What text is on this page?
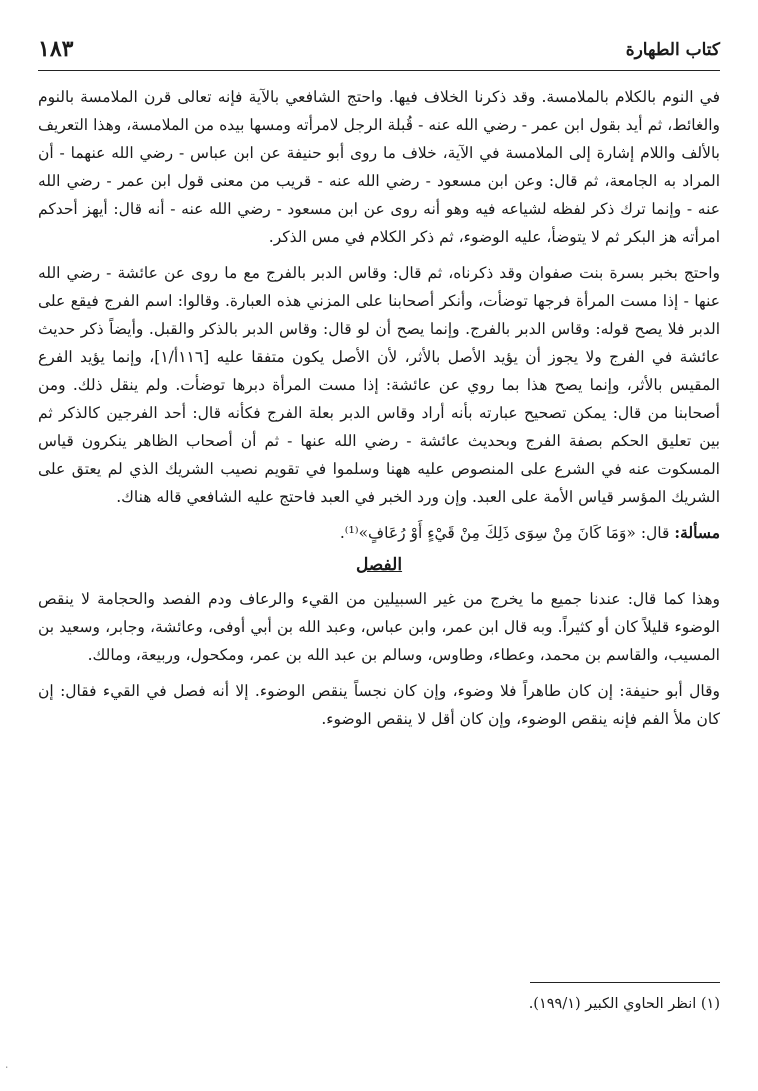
كتاب الطهارة
١٨٣

في النوم بالكلام بالملامسة. وقد ذكرنا الخلاف فيها. واحتج الشافعي بالآية فإنه تعالى قرن الملامسة بالنوم والغائط، ثم أيد بقول ابن عمر - رضي الله عنه - قُبلة الرجل لامرأته ومسها بيده من الملامسة، وهذا التعريف بالألف واللام إشارة إلى الملامسة في الآية، خلاف ما روى أبو حنيفة عن ابن عباس - رضي الله عنهما - أن المراد به الجامعة، ثم قال: وعن ابن مسعود - رضي الله عنه - قريب من معنى قول ابن عمر - رضي الله عنه - وإنما ترك ذكر لفظه لشياعه فيه وهو أنه روى عن ابن مسعود - رضي الله عنه - أنه قال: أيهز أحدكم امرأته هز البكر ثم لا يتوضأ، عليه الوضوء، ثم ذكر الكلام في مس الذكر.

واحتج بخبر بسرة بنت صفوان وقد ذكرناه، ثم قال: وقاس الدبر بالفرج مع ما روى عن عائشة - رضي الله عنها - إذا مست المرأة فرجها توضأت، وأنكر أصحابنا على المزني هذه العبارة. وقالوا: اسم الفرج فيقع على الدبر فلا يصح قوله: وقاس الدبر بالفرج. وإنما يصح أن لو قال: وقاس الدبر بالذكر والقبل. وأيضاً ذكر حديث عائشة في الفرج ولا يجوز أن يؤيد الأصل بالأثر، لأن الأصل يكون متفقا عليه [١١٦أ/١]، وإنما يؤيد الفرع المقيس بالأثر، وإنما يصح هذا بما روي عن عائشة: إذا مست المرأة دبرها توضأت. ولم ينقل ذلك. ومن أصحابنا من قال: يمكن تصحيح عبارته بأنه أراد وقاس الدبر بعلة الفرج فكأنه قال: أحد الفرجين كالذكر ثم بين تعليق الحكم بصفة الفرج وبحديث عائشة - رضي الله عنها - ثم أن أصحاب الظاهر ينكرون قياس المسكوت عنه في الشرع على المنصوص عليه ههنا وسلموا في تقويم نصيب الشريك الذي لم يعتق على الشريك المؤسر قياس الأمة على العبد. وإن ورد الخبر في العبد فاحتج عليه الشافعي قاله هناك.

مسألة: قال: «وَمَا كَانَ مِنْ سِوَى ذَلِكَ مِنْ قَيْءٍ أَوْ رُعَافٍ»⁽¹⁾.

الفصل

وهذا كما قال: عندنا جميع ما يخرج من غير السبيلين من القيء والرعاف ودم الفصد والحجامة لا ينقص الوضوء قليلاً كان أو كثيراً. وبه قال ابن عمر، وابن عباس، وعبد الله بن أبي أوفى، وعائشة، وجابر، وسعيد بن المسيب، والقاسم بن محمد، وعطاء، وطاوس، وسالم بن عبد الله بن عمر، ومكحول، وربيعة، ومالك.

وقال أبو حنيفة: إن كان طاهراً فلا وضوء، وإن كان نجساً ينقص الوضوء. إلا أنه فصل في القيء فقال: إن كان ملأ الفم فإنه ينقص الوضوء، وإن كان أقل لا ينقص الوضوء.

(١) انظر الحاوي الكبير (١٩٩/١).
٠
